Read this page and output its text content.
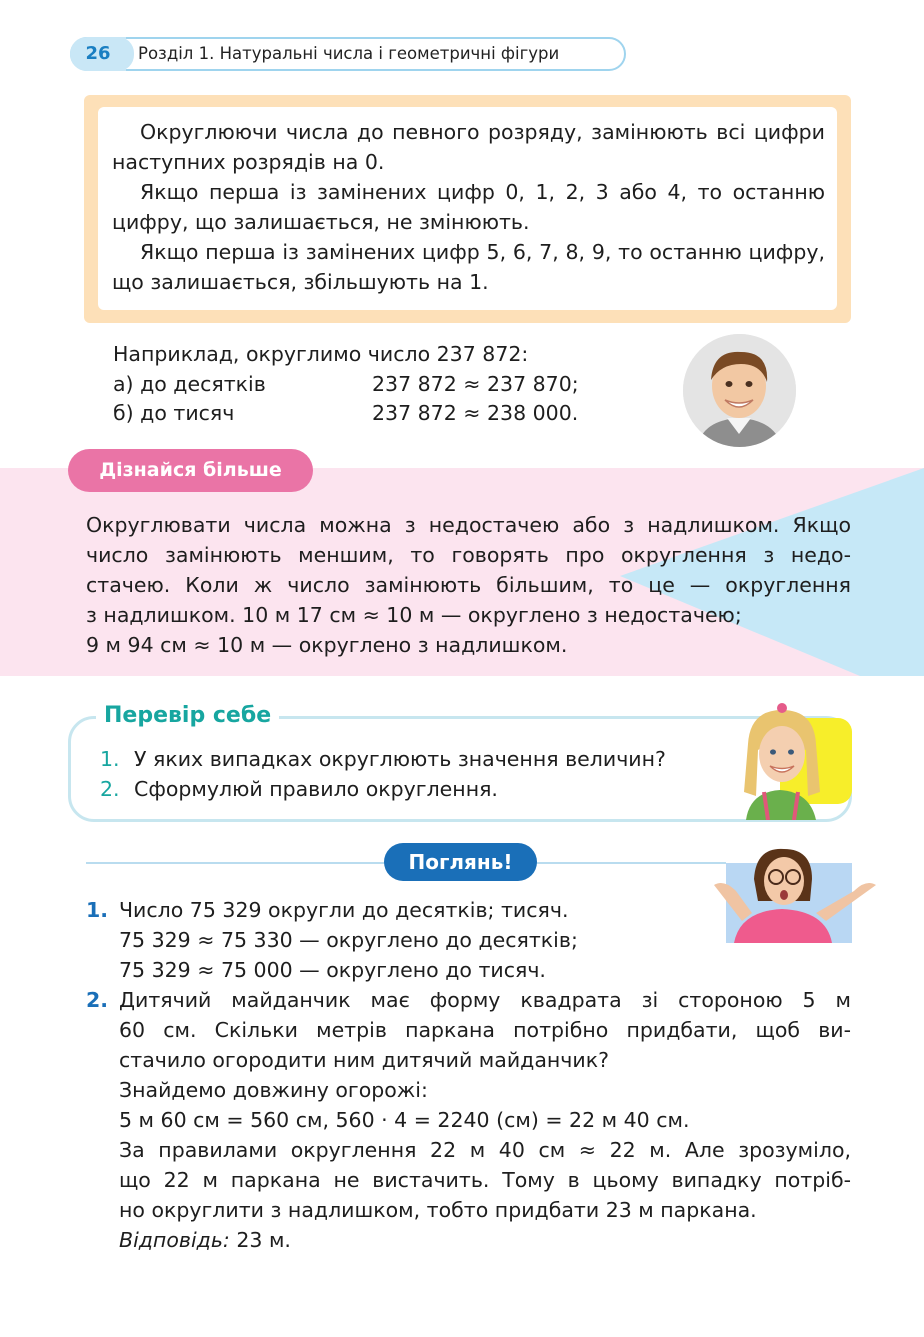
26	Розділ 1. Натуральні числа і геометричні фігури

Округлюючи числа до певного розряду, замінюють всі цифри наступних розрядів на 0.

Якщо перша із замінених цифр 0, 1, 2, 3 або 4, то останню цифру, що залишається, не змінюють.

Якщо перша із замінених цифр 5, 6, 7, 8, 9, то останню цифру, що залишається, збільшують на 1.

Наприклад, округлимо число 237 872:
а) до десятків	237 872 ≈ 237 870;
б) до тисяч	237 872 ≈ 238 000.
Дізнайся більше
Округлювати числа можна з недостачею або з надлишком. Якщо
число замінюють меншим, то говорять про округлення з недо-
стачею. Коли ж число замінюють більшим, то це — округлення
з надлишком. 10 м 17 см ≈ 10 м — округлено з недостачею;
9 м 94 см ≈ 10 м — округлено з надлишком.
Перевір себе
1. У яких випадках округлюють значення величин?
2. Сформулюй правило округлення.
Поглянь!
1. Число 75 329 округли до десятків; тисяч.
75 329 ≈ 75 330 — округлено до десятків;
75 329 ≈ 75 000 — округлено до тисяч.
2. Дитячий майданчик має форму квадрата зі стороною 5 м
60 см. Скільки метрів паркана потрібно придбати, щоб ви-
стачило огородити ним дитячий майданчик?
Знайдемо довжину огорожі:
5 м 60 см = 560 см, 560 · 4 = 2240 (см) = 22 м 40 см.
За правилами округлення 22 м 40 см ≈ 22 м. Але зрозуміло,
що 22 м паркана не вистачить. Тому в цьому випадку потріб-
но округлити з надлишком, тобто придбати 23 м паркана.
Відповідь: 23 м.
